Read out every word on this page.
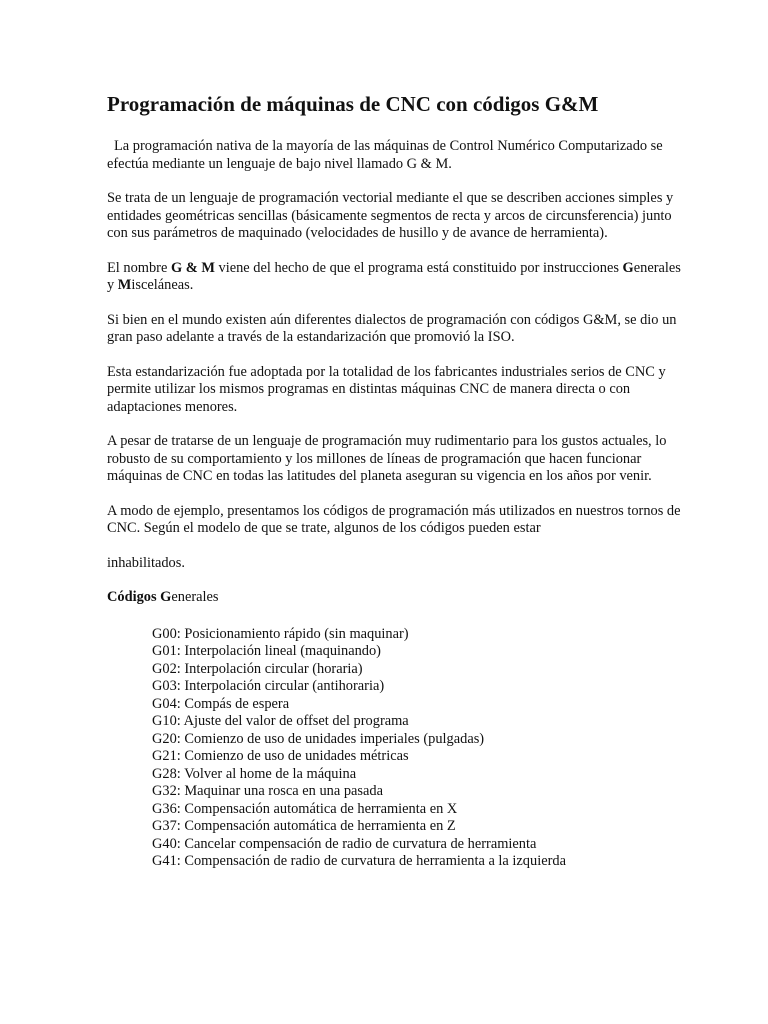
Programación de máquinas de CNC con códigos G&M

La programación nativa de la mayoría de las máquinas de Control Numérico Computarizado se efectúa mediante un lenguaje de bajo nivel llamado G & M.

Se trata de un lenguaje de programación vectorial mediante el que se describen acciones simples y entidades geométricas sencillas (básicamente segmentos de recta y arcos de circunsferencia) junto con sus parámetros de maquinado (velocidades de husillo y de avance de herramienta).

El nombre G & M viene del hecho de que el programa está constituido por instrucciones Generales y Misceláneas.

Si bien en el mundo existen aún diferentes dialectos de programación con códigos G&M, se dio un gran paso adelante a través de la estandarización que promovió la ISO.

Esta estandarización fue adoptada por la totalidad de los fabricantes industriales serios de CNC y permite utilizar los mismos programas en distintas máquinas CNC de manera directa o con adaptaciones menores.

A pesar de tratarse de un lenguaje de programación muy rudimentario para los gustos actuales, lo robusto de su comportamiento y los millones de líneas de programación que hacen funcionar máquinas de CNC en todas las latitudes del planeta aseguran su vigencia en los años por venir.

A modo de ejemplo, presentamos los códigos de programación más utilizados en nuestros tornos de CNC. Según el modelo de que se trate, algunos de los códigos pueden estar

inhabilitados.

Códigos Generales
G00: Posicionamiento rápido (sin maquinar)
G01: Interpolación lineal (maquinando)
G02: Interpolación circular (horaria)
G03: Interpolación circular (antihoraria)
G04: Compás de espera
G10: Ajuste del valor de offset del programa
G20: Comienzo de uso de unidades imperiales (pulgadas)
G21: Comienzo de uso de unidades métricas
G28: Volver al home de la máquina
G32: Maquinar una rosca en una pasada
G36: Compensación automática de herramienta en X
G37: Compensación automática de herramienta en Z
G40: Cancelar compensación de radio de curvatura de herramienta
G41: Compensación de radio de curvatura de herramienta a la izquierda
